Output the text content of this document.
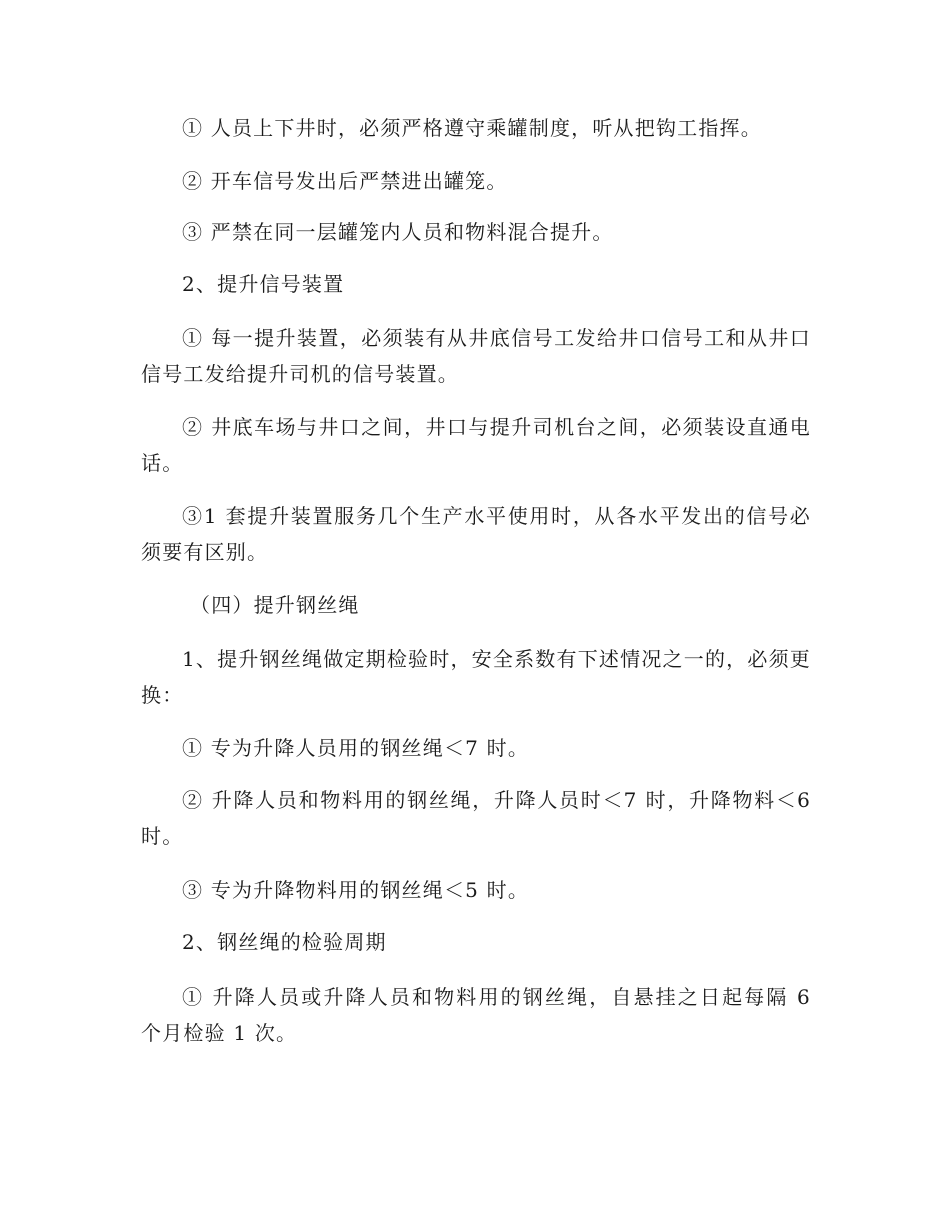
① 人员上下井时，必须严格遵守乘罐制度，听从把钩工指挥。

② 开车信号发出后严禁进出罐笼。

③ 严禁在同一层罐笼内人员和物料混合提升。

2、提升信号装置

① 每一提升装置，必须装有从井底信号工发给井口信号工和从井口信号工发给提升司机的信号装置。

② 井底车场与井口之间，井口与提升司机台之间，必须装设直通电话。

③1 套提升装置服务几个生产水平使用时，从各水平发出的信号必须要有区别。

（四）提升钢丝绳

1、提升钢丝绳做定期检验时，安全系数有下述情况之一的，必须更换：

① 专为升降人员用的钢丝绳＜7 时。

② 升降人员和物料用的钢丝绳，升降人员时＜7 时，升降物料＜6 时。

③ 专为升降物料用的钢丝绳＜5 时。

2、钢丝绳的检验周期

① 升降人员或升降人员和物料用的钢丝绳，自悬挂之日起每隔 6 个月检验 1 次。
